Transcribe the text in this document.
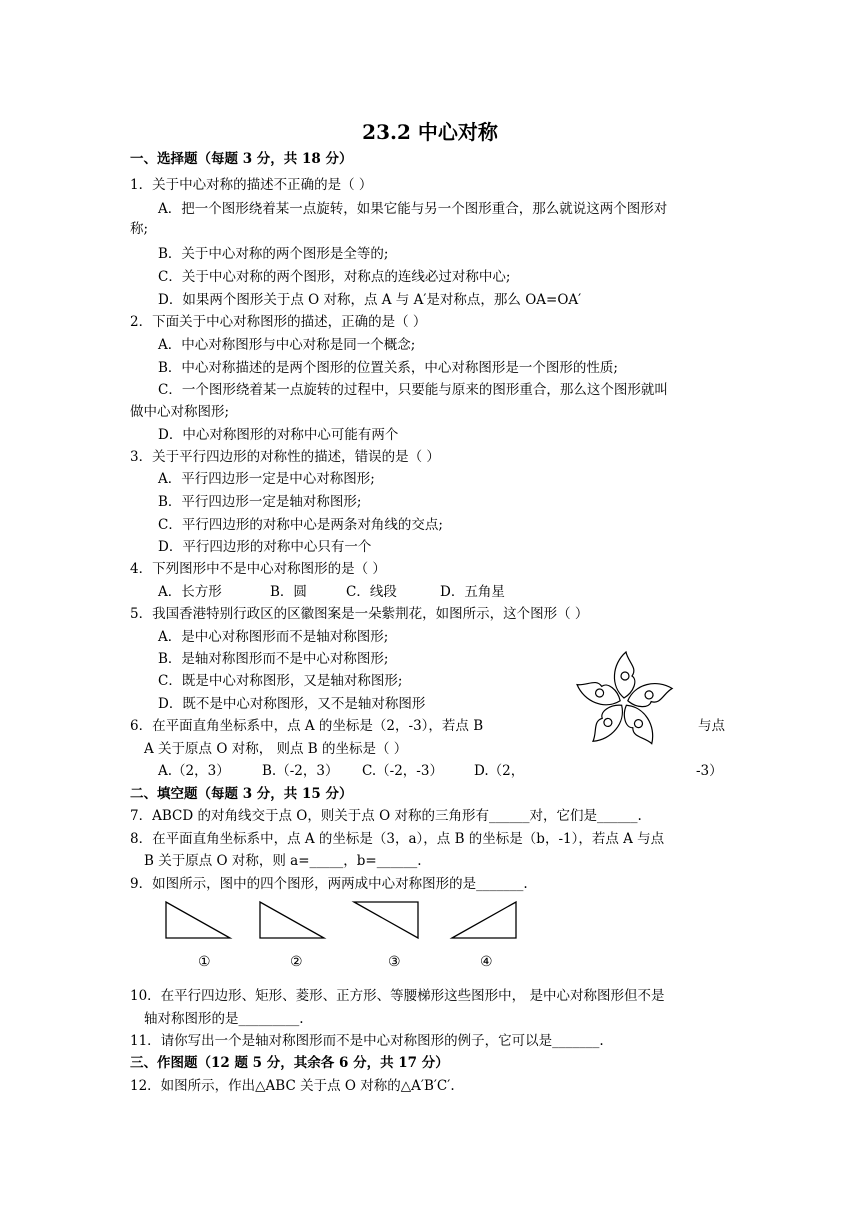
23.2 中心对称
一、选择题（每题 3 分，共 18 分）
1．关于中心对称的描述不正确的是（ ）
A．把一个图形绕着某一点旋转，如果它能与另一个图形重合，那么就说这两个图形对
称;
B．关于中心对称的两个图形是全等的;
C．关于中心对称的两个图形，对称点的连线必过对称中心;
D．如果两个图形关于点 O 对称，点 A 与 A′是对称点，那么 OA=OA′
2．下面关于中心对称图形的描述，正确的是（ ）
A．中心对称图形与中心对称是同一个概念;
B．中心对称描述的是两个图形的位置关系，中心对称图形是一个图形的性质;
C．一个图形绕着某一点旋转的过程中，只要能与原来的图形重合，那么这个图形就叫
做中心对称图形;
D．中心对称图形的对称中心可能有两个
3．关于平行四边形的对称性的描述，错误的是（ ）
A．平行四边形一定是中心对称图形;
B．平行四边形一定是轴对称图形;
C．平行四边形的对称中心是两条对角线的交点;
D．平行四边形的对称中心只有一个
4．下列图形中不是中心对称图形的是（ ）
A．长方形	B．圆	C．线段	D．五角星
5．我国香港特别行政区的区徽图案是一朵紫荆花，如图所示，这个图形（ ）
A．是中心对称图形而不是轴对称图形;
B．是轴对称图形而不是中心对称图形;
C．既是中心对称图形，又是轴对称图形;
D．既不是中心对称图形，又不是轴对称图形
6．在平面直角坐标系中，点 A 的坐标是（2，-3），若点 B	与点
A 关于原点 O 对称， 则点 B 的坐标是（ ）
A.（2，3） B.（-2，3） C.（-2，-3） D.（2，	-3）
二、填空题（每题 3 分，共 15 分）
7．ABCD 的对角线交于点 O，则关于点 O 对称的三角形有______对，它们是______.
8．在平面直角坐标系中，点 A 的坐标是（3，a），点 B 的坐标是（b，-1），若点 A 与点
B 关于原点 O 对称，则 a=_____，b=______.
9．如图所示，图中的四个图形，两两成中心对称图形的是_______.
①	②	③	④
10．在平行四边形、矩形、菱形、正方形、等腰梯形这些图形中， 是中心对称图形但不是
轴对称图形的是_________.
11．请你写出一个是轴对称图形而不是中心对称图形的例子，它可以是_______.
三、作图题（12 题 5 分，其余各 6 分，共 17 分）
12．如图所示，作出△ABC 关于点 O 对称的△A′B′C′.
